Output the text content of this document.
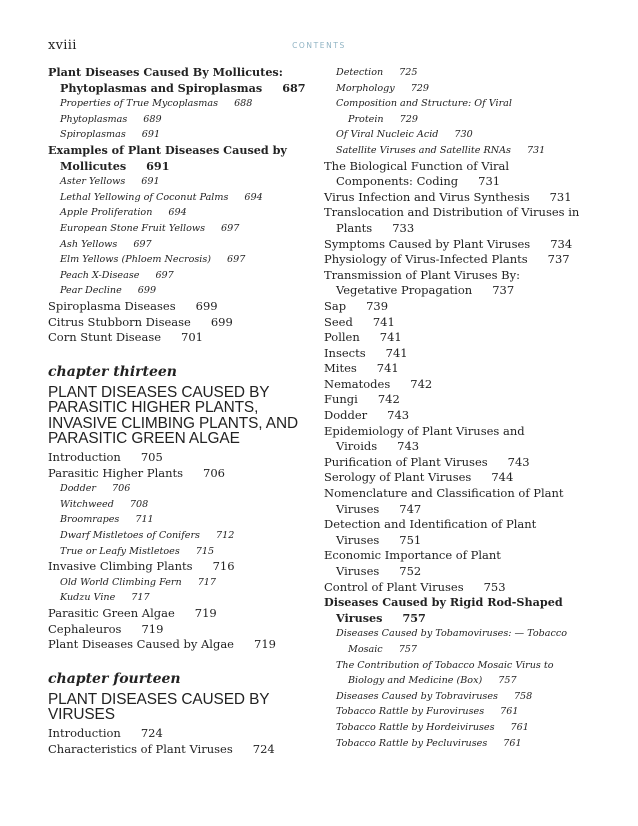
xviii	CONTENTS
Plant Diseases Caused By Mollicutes: Phytoplasmas and Spiroplasmas 687
Properties of True Mycoplasmas 688
Phytoplasmas 689
Spiroplasmas 691
Examples of Plant Diseases Caused by Mollicutes 691
Aster Yellows 691
Lethal Yellowing of Coconut Palms 694
Apple Proliferation 694
European Stone Fruit Yellows 697
Ash Yellows 697
Elm Yellows (Phloem Necrosis) 697
Peach X-Disease 697
Pear Decline 699
Spiroplasma Diseases 699
Citrus Stubborn Disease 699
Corn Stunt Disease 701
chapter thirteen
PLANT DISEASES CAUSED BY PARASITIC HIGHER PLANTS, INVASIVE CLIMBING PLANTS, AND PARASITIC GREEN ALGAE
Introduction 705
Parasitic Higher Plants 706
Dodder 706
Witchweed 708
Broomrapes 711
Dwarf Mistletoes of Conifers 712
True or Leafy Mistletoes 715
Invasive Climbing Plants 716
Old World Climbing Fern 717
Kudzu Vine 717
Parasitic Green Algae 719
Cephaleuros 719
Plant Diseases Caused by Algae 719
chapter fourteen
PLANT DISEASES CAUSED BY VIRUSES
Introduction 724
Characteristics of Plant Viruses 724
Detection 725
Morphology 729
Composition and Structure: Of Viral Protein 729
Of Viral Nucleic Acid 730
Satellite Viruses and Satellite RNAs 731
The Biological Function of Viral Components: Coding 731
Virus Infection and Virus Synthesis 731
Translocation and Distribution of Viruses in Plants 733
Symptoms Caused by Plant Viruses 734
Physiology of Virus-Infected Plants 737
Transmission of Plant Viruses By: Vegetative Propagation 737
Sap 739
Seed 741
Pollen 741
Insects 741
Mites 741
Nematodes 742
Fungi 742
Dodder 743
Epidemiology of Plant Viruses and Viroids 743
Purification of Plant Viruses 743
Serology of Plant Viruses 744
Nomenclature and Classification of Plant Viruses 747
Detection and Identification of Plant Viruses 751
Economic Importance of Plant Viruses 752
Control of Plant Viruses 753
Diseases Caused by Rigid Rod-Shaped Viruses 757
Diseases Caused by Tobamoviruses: — Tobacco Mosaic 757
The Contribution of Tobacco Mosaic Virus to Biology and Medicine (Box) 757
Diseases Caused by Tobraviruses 758
Tobacco Rattle by Furoviruses 761
Tobacco Rattle by Hordeiviruses 761
Tobacco Rattle by Pecluviruses 761
